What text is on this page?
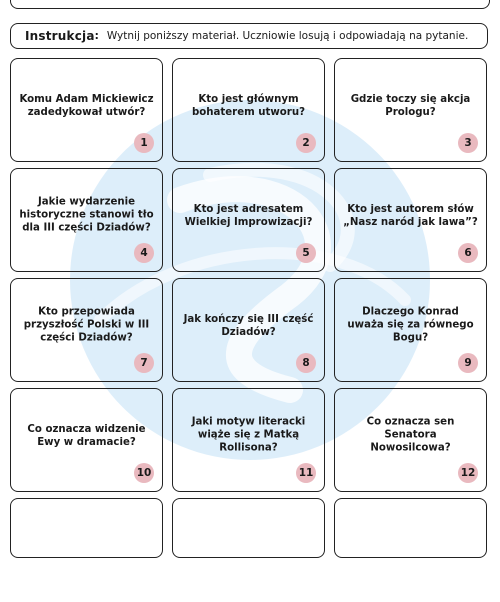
Instrukcja : Wytnij poniższy materiał. Uczniowie losują i odpowiadają na pytanie.
Komu Adam Mickiewicz zadedykował utwór?
1
Kto jest głównym bohaterem utworu?
2
Gdzie toczy się akcja Prologu?
3
Jakie wydarzenie historyczne stanowi tło dla III części Dziadów?
4
Kto jest adresatem Wielkiej Improwizacji?
5
Kto jest autorem słów „Nasz naród jak lawa”?
6
Kto przepowiada przyszłość Polski w III części Dziadów?
7
Jak kończy się III część Dziadów?
8
Dlaczego Konrad uważa się za równego Bogu?
9
Co oznacza widzenie Ewy w dramacie?
10
Jaki motyw literacki wiąże się z Matką Rollisona?
11
Co oznacza sen Senatora Nowosilcowa?
12
